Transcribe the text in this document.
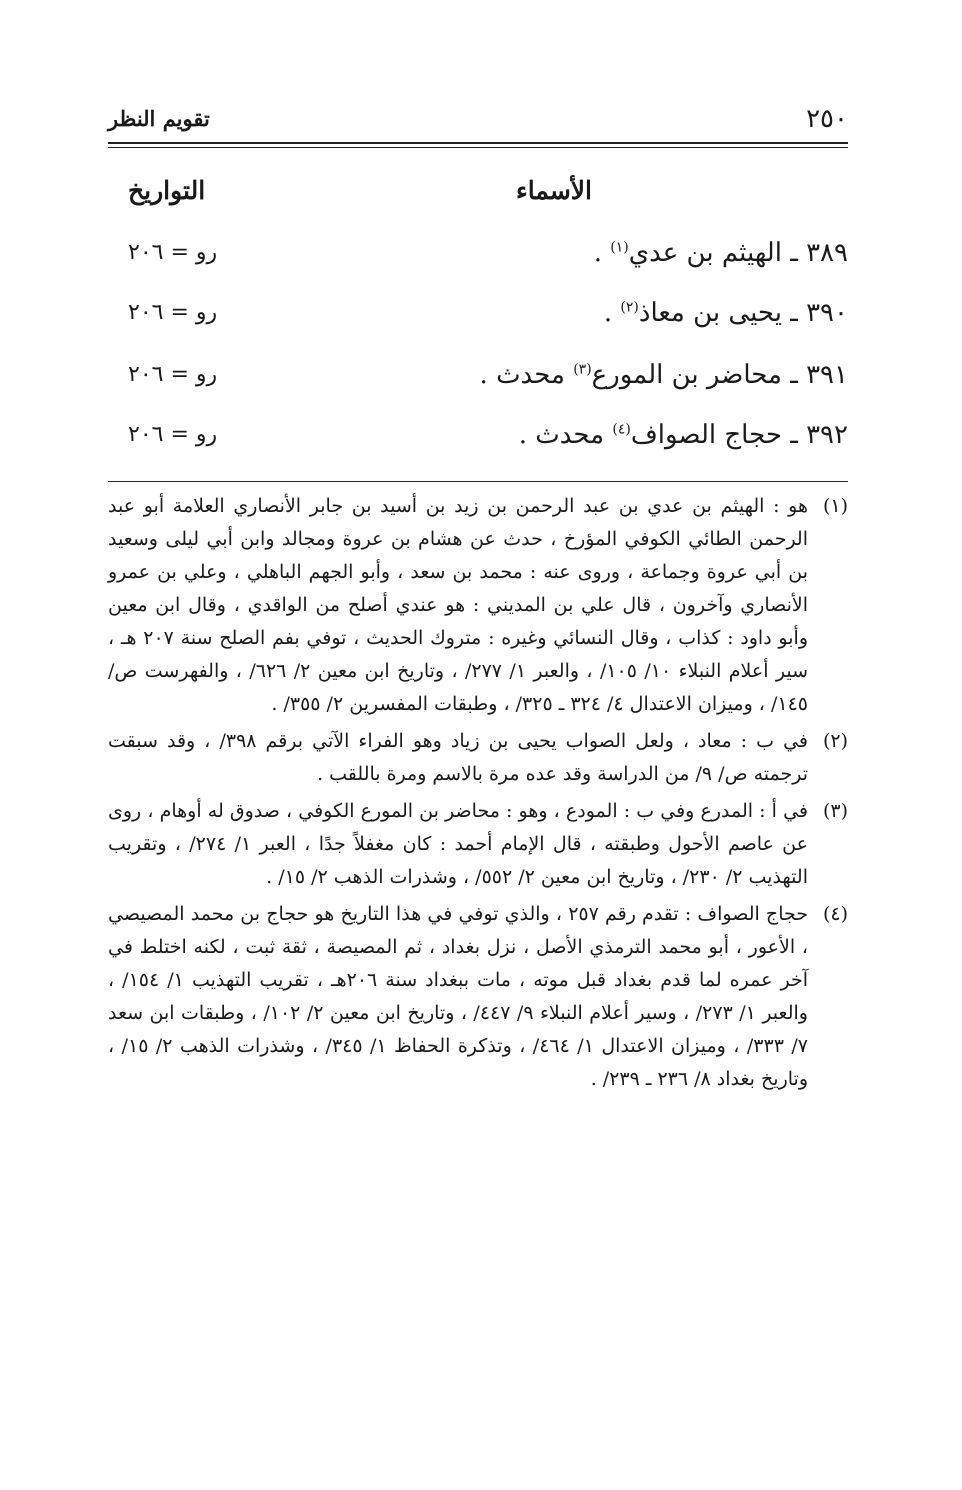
٢٥٠
تقويم النظر
الأسماء
التواريخ
٣٨٩ ـ الهيثم بن عدي$^{(١)}$ .
رو = ٢٠٦
٣٩٠ ـ يحيى بن معاذ$^{(٢)}$ .
رو = ٢٠٦
٣٩١ ـ محاضر بن المورع$^{(٣)}$ محدث .
رو = ٢٠٦
٣٩٢ ـ حجاج الصواف$^{(٤)}$ محدث .
رو = ٢٠٦

(١)
هو : الهيثم بن عدي بن عبد الرحمن بن زيد بن أسيد بن جابر الأنصاري العلامة أبو عبد الرحمن الطائي الكوفي المؤرخ ، حدث عن هشام بن عروة ومجالد وابن أبي ليلى وسعيد بن أبي عروة وجماعة ، وروى عنه : محمد بن سعد ، وأبو الجهم الباهلي ، وعلي بن عمرو الأنصاري وآخرون ، قال علي بن المديني : هو عندي أصلح من الواقدي ، وقال ابن معين وأبو داود : كذاب ، وقال النسائي وغيره : متروك الحديث ، توفي بفم الصلح سنة ٢٠٧ هـ ، سير أعلام النبلاء ١٠/ ١٠٥/ ، والعبر ١/ ٢٧٧/ ، وتاريخ ابن معين ٢/ ٦٢٦/ ، والفهرست ص/ ١٤٥/ ، وميزان الاعتدال ٤/ ٣٢٤ ـ ٣٢٥/ ، وطبقات المفسرين ٢/ ٣٥٥/ .

(٢)
في ب : معاد ، ولعل الصواب يحيى بن زياد وهو الفراء الآتي برقم ٣٩٨/ ، وقد سبقت ترجمته ص/ ٩/ من الدراسة وقد عده مرة بالاسم ومرة باللقب .

(٣)
في أ : المدرع وفي ب : المودع ، وهو : محاضر بن المورع الكوفي ، صدوق له أوهام ، روى عن عاصم الأحول وطبقته ، قال الإمام أحمد : كان مغفلاً جدًا ، العبر ١/ ٢٧٤/ ، وتقريب التهذيب ٢/ ٢٣٠/ ، وتاريخ ابن معين ٢/ ٥٥٢/ ، وشذرات الذهب ٢/ ١٥/ .

(٤)
حجاج الصواف : تقدم رقم ٢٥٧ ، والذي توفي في هذا التاريخ هو حجاج بن محمد المصيصي ، الأعور ، أبو محمد الترمذي الأصل ، نزل بغداد ، ثم المصيصة ، ثقة ثبت ، لكنه اختلط في آخر عمره لما قدم بغداد قبل موته ، مات ببغداد سنة ٢٠٦هـ ، تقريب التهذيب ١/ ١٥٤/ ، والعبر ١/ ٢٧٣/ ، وسير أعلام النبلاء ٩/ ٤٤٧/ ، وتاريخ ابن معين ٢/ ١٠٢/ ، وطبقات ابن سعد ٧/ ٣٣٣/ ، وميزان الاعتدال ١/ ٤٦٤/ ، وتذكرة الحفاظ ١/ ٣٤٥/ ، وشذرات الذهب ٢/ ١٥/ ، وتاريخ بغداد ٨/ ٢٣٦ ـ ٢٣٩/ .
